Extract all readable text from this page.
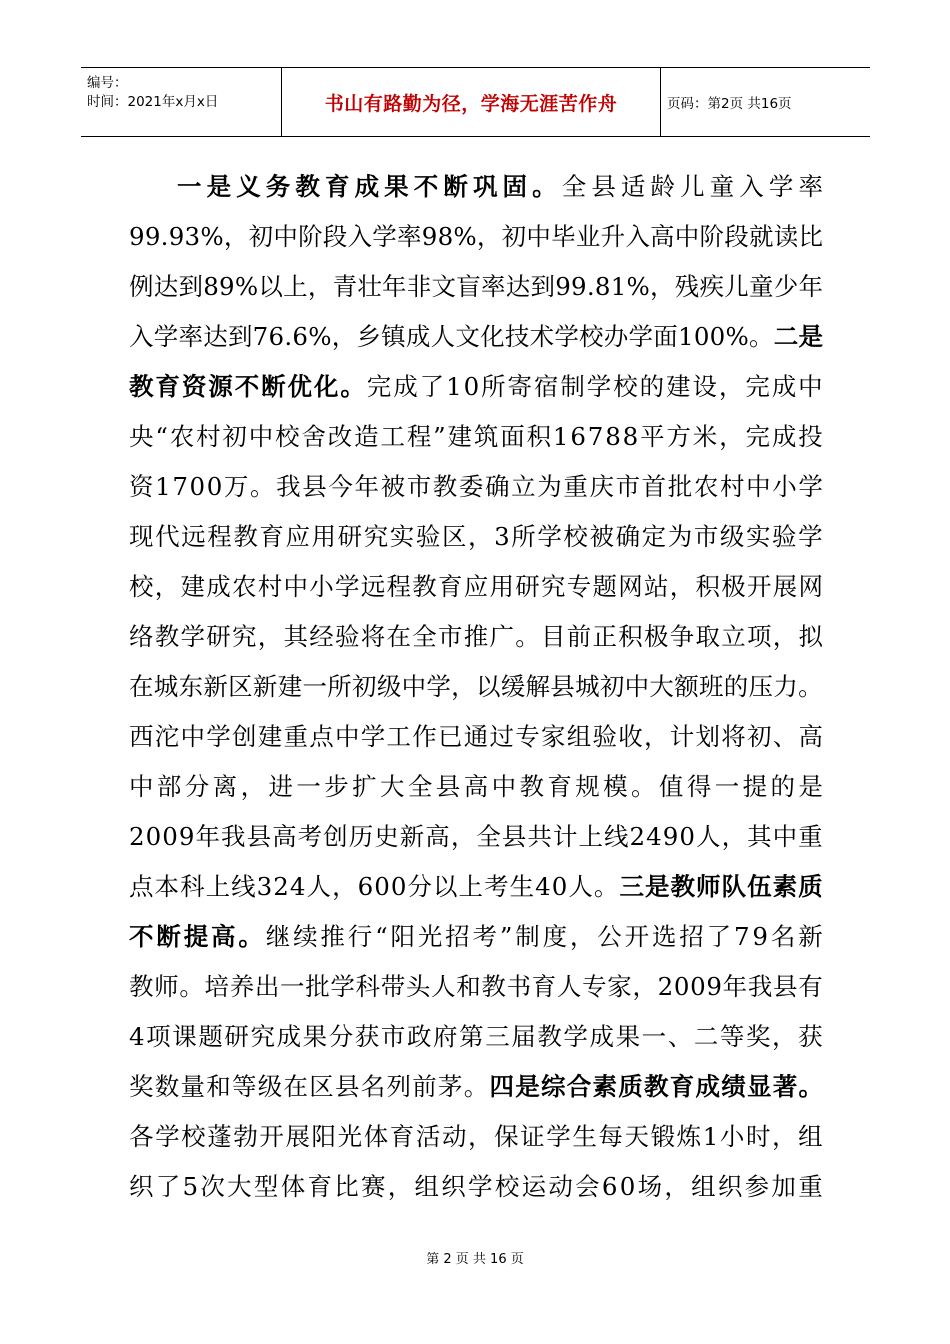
编号：
时间：2021年x月x日	书山有路勤为径，学海无涯苦作舟	页码：第2页 共16页
一 是 义 务 教 育 成 果 不 断 巩 固 。 全 县 适 龄 儿 童 入 学 率
9 9 . 9 3 % ， 初 中 阶 段 入 学 率 9 8 % ， 初 中 毕 业 升 入 高 中 阶 段 就 读 比
例 达 到 8 9 % 以 上 ， 青 壮 年 非 文 盲 率 达 到 9 9 . 8 1 % ， 残 疾 儿 童 少 年
入 学 率 达 到 7 6 . 6 % ， 乡 镇 成 人 文 化 技 术 学 校 办 学 面 1 0 0 % 。 二 是
教 育 资 源 不 断 优 化 。 完 成 了 1 0 所 寄 宿 制 学 校 的 建 设 ， 完 成 中
央 “ 农 村 初 中 校 舍 改 造 工 程 ” 建 筑 面 积 1 6 7 8 8 平 方 米 ， 完 成 投
资 1 7 0 0 万 。 我 县 今 年 被 市 教 委 确 立 为 重 庆 市 首 批 农 村 中 小 学
现 代 远 程 教 育 应 用 研 究 实 验 区 ， 3 所 学 校 被 确 定 为 市 级 实 验 学
校 ， 建 成 农 村 中 小 学 远 程 教 育 应 用 研 究 专 题 网 站 ， 积 极 开 展 网
络 教 学 研 究 ， 其 经 验 将 在 全 市 推 广 。 目 前 正 积 极 争 取 立 项 ， 拟
在 城 东 新 区 新 建 一 所 初 级 中 学 ， 以 缓 解 县 城 初 中 大 额 班 的 压 力 。
西 沱 中 学 创 建 重 点 中 学 工 作 已 通 过 专 家 组 验 收 ， 计 划 将 初 、 高
中 部 分 离 ， 进 一 步 扩 大 全 县 高 中 教 育 规 模 。 值 得 一 提 的 是
2 0 0 9 年 我 县 高 考 创 历 史 新 高 ， 全 县 共 计 上 线 2 4 9 0 人 ， 其 中 重
点 本 科 上 线 3 2 4 人 ， 6 0 0 分 以 上 考 生 4 0 人 。 三 是 教 师 队 伍 素 质
不 断 提 高 。 继 续 推 行 “ 阳 光 招 考 ” 制 度 ， 公 开 选 招 了 7 9 名 新
教 师 。 培 养 出 一 批 学 科 带 头 人 和 教 书 育 人 专 家 ， 2 0 0 9 年 我 县 有
4 项 课 题 研 究 成 果 分 获 市 政 府 第 三 届 教 学 成 果 一 、 二 等 奖 ， 获
奖 数 量 和 等 级 在 区 县 名 列 前 茅 。 四 是 综 合 素 质 教 育 成 绩 显 著 。
各 学 校 蓬 勃 开 展 阳 光 体 育 活 动 ， 保 证 学 生 每 天 锻 炼 1 小 时 ， 组
织 了 5 次 大 型 体 育 比 赛 ， 组 织 学 校 运 动 会 6 0 场 ， 组 织 参 加 重
第 2 页 共 16 页
